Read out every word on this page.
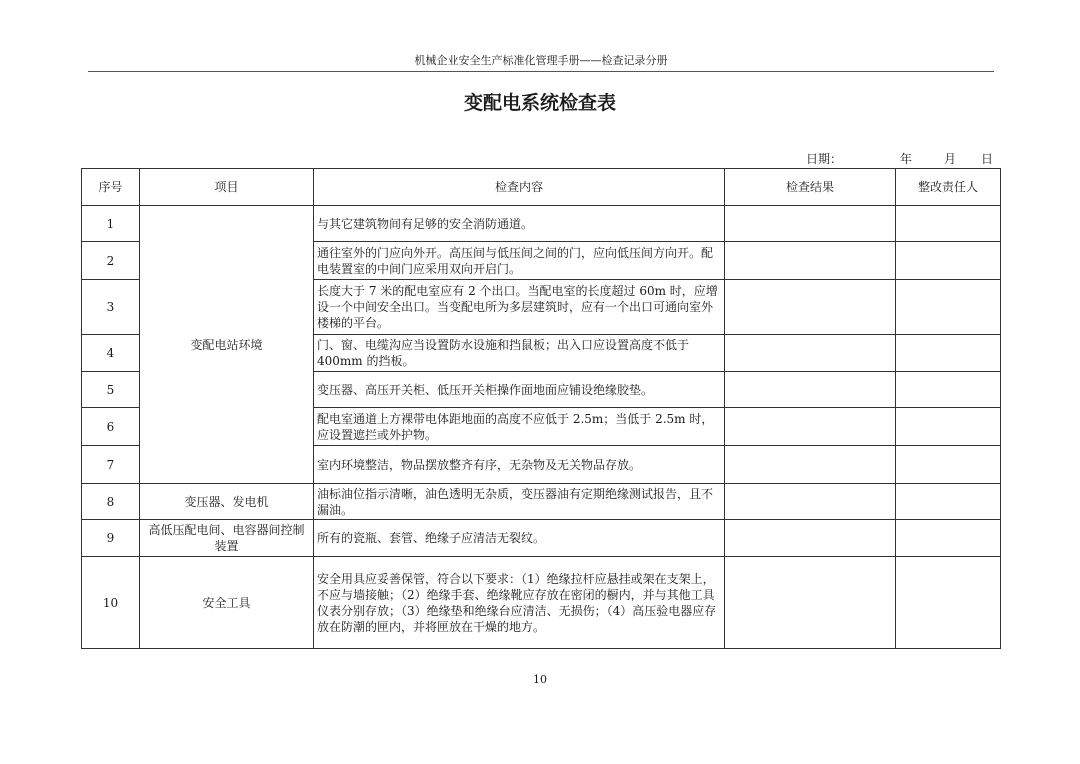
机械企业安全生产标准化管理手册——检查记录分册
变配电系统检查表
日期：	年	月 日
序号	项目	检查内容	检查结果	整改责任人
1	变配电站环境	与其它建筑物间有足够的安全消防通道。		
2		通往室外的门应向外开。高压间与低压间之间的门，应向低压间方向开。配电装置室的中间门应采用双向开启门。		
3		长度大于 7 米的配电室应有 2 个出口。当配电室的长度超过 60m 时，应增设一个中间安全出口。当变配电所为多层建筑时，应有一个出口可通向室外楼梯的平台。		
4		门、窗、电缆沟应当设置防水设施和挡鼠板；出入口应设置高度不低于 400mm 的挡板。		
5		变压器、高压开关柜、低压开关柜操作面地面应铺设绝缘胶垫。		
6		配电室通道上方裸带电体距地面的高度不应低于 2.5m；当低于 2.5m 时，应设置遮拦或外护物。		
7		室内环境整洁，物品摆放整齐有序，无杂物及无关物品存放。		
8	变压器、发电机	油标油位指示清晰，油色透明无杂质，变压器油有定期绝缘测试报告，且不漏油。		
9	高低压配电间、电容器间控制装置	所有的瓷瓶、套管、绝缘子应清洁无裂纹。		
10	安全工具	安全用具应妥善保管，符合以下要求：（1）绝缘拉杆应悬挂或架在支架上，不应与墙接触；（2）绝缘手套、绝缘靴应存放在密闭的橱内，并与其他工具仪表分别存放；（3）绝缘垫和绝缘台应清洁、无损伤；（4）高压验电器应存放在防潮的匣内，并将匣放在干燥的地方。		
10
